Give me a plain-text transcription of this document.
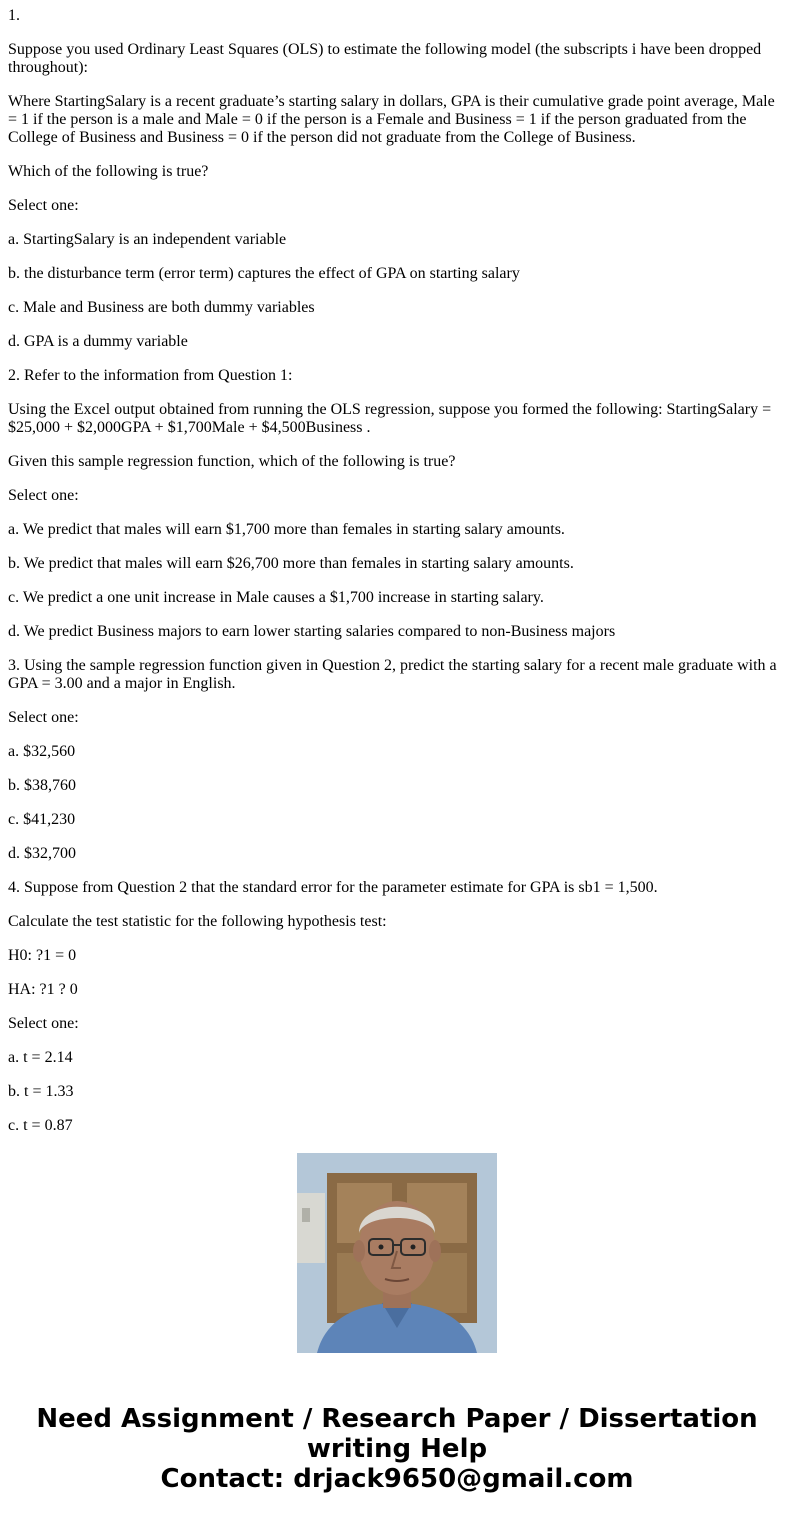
1.

Suppose you used Ordinary Least Squares (OLS) to estimate the following model (the subscripts i have been dropped throughout):

Where StartingSalary is a recent graduate’s starting salary in dollars, GPA is their cumulative grade point average, Male = 1 if the person is a male and Male = 0 if the person is a Female and Business = 1 if the person graduated from the College of Business and Business = 0 if the person did not graduate from the College of Business.

Which of the following is true?

Select one:

a. StartingSalary is an independent variable

b. the disturbance term (error term) captures the effect of GPA on starting salary

c. Male and Business are both dummy variables

d. GPA is a dummy variable

2. Refer to the information from Question 1:

Using the Excel output obtained from running the OLS regression, suppose you formed the following: StartingSalary = $25,000 + $2,000GPA + $1,700Male + $4,500Business .

Given this sample regression function, which of the following is true?

Select one:

a. We predict that males will earn $1,700 more than females in starting salary amounts.

b. We predict that males will earn $26,700 more than females in starting salary amounts.

c. We predict a one unit increase in Male causes a $1,700 increase in starting salary.

d. We predict Business majors to earn lower starting salaries compared to non-Business majors

3. Using the sample regression function given in Question 2, predict the starting salary for a recent male graduate with a GPA = 3.00 and a major in English.

Select one:

a. $32,560

b. $38,760

c. $41,230

d. $32,700

4. Suppose from Question 2 that the standard error for the parameter estimate for GPA is sb1 = 1,500.

Calculate the test statistic for the following hypothesis test:

H0: ?1 = 0

HA: ?1 ? 0

Select one:

a. t = 2.14

b. t = 1.33

c. t = 0.87

Need Assignment / Research Paper / Dissertation writing Help
Contact: drjack9650@gmail.com
